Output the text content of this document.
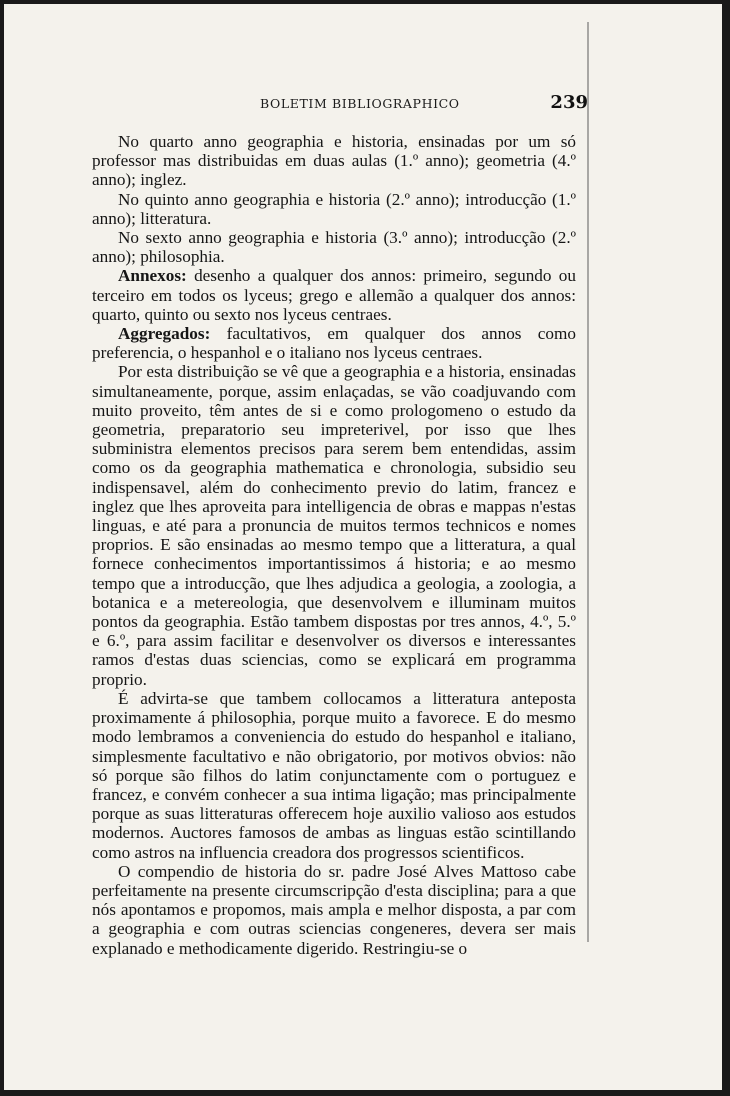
BOLETIM BIBLIOGRAPHICO	239

No quarto anno geographia e historia, ensinadas por um só professor mas distribuidas em duas aulas (1.º anno); geometria (4.º anno); inglez.

No quinto anno geographia e historia (2.º anno); introducção (1.º anno); litteratura.

No sexto anno geographia e historia (3.º anno); introducção (2.º anno); philosophia.

Annexos: desenho a qualquer dos annos: primeiro, segundo ou terceiro em todos os lyceus; grego e allemão a qualquer dos annos: quarto, quinto ou sexto nos lyceus centraes.

Aggregados: facultativos, em qualquer dos annos como preferencia, o hespanhol e o italiano nos lyceus centraes.

Por esta distribuição se vê que a geographia e a historia, ensinadas simultaneamente, porque, assim enlaçadas, se vão coadjuvando com muito proveito, têm antes de si e como prologomeno o estudo da geometria, preparatorio seu impreterivel, por isso que lhes subministra elementos precisos para serem bem entendidas, assim como os da geographia mathematica e chronologia, subsidio seu indispensavel, além do conhecimento previo do latim, francez e inglez que lhes aproveita para intelligencia de obras e mappas n'estas linguas, e até para a pronuncia de muitos termos technicos e nomes proprios. E são ensinadas ao mesmo tempo que a litteratura, a qual fornece conhecimentos importantissimos á historia; e ao mesmo tempo que a introducção, que lhes adjudica a geologia, a zoologia, a botanica e a metereologia, que desenvolvem e illuminam muitos pontos da geographia. Estão tambem dispostas por tres annos, 4.º, 5.º e 6.º, para assim facilitar e desenvolver os diversos e interessantes ramos d'estas duas sciencias, como se explicará em programma proprio.

É advirta-se que tambem collocamos a litteratura anteposta proximamente á philosophia, porque muito a favorece. E do mesmo modo lembramos a conveniencia do estudo do hespanhol e italiano, simplesmente facultativo e não obrigatorio, por motivos obvios: não só porque são filhos do latim conjunctamente com o portuguez e francez, e convém conhecer a sua intima ligação; mas principalmente porque as suas litteraturas offerecem hoje auxilio valioso aos estudos modernos. Auctores famosos de ambas as linguas estão scintillando como astros na influencia creadora dos progressos scientificos.

O compendio de historia do sr. padre José Alves Mattoso cabe perfeitamente na presente circumscripção d'esta disciplina; para a que nós apontamos e propomos, mais ampla e melhor disposta, a par com a geographia e com outras sciencias congeneres, devera ser mais explanado e methodicamente digerido. Restringiu-se o
